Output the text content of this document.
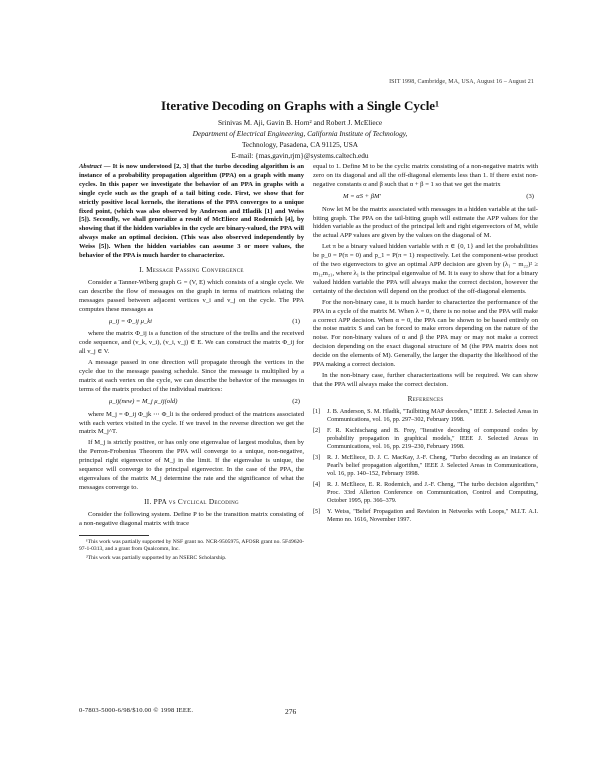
ISIT 1998, Cambridge, MA, USA, August 16 – August 21
Iterative Decoding on Graphs with a Single Cycle¹
Srinivas M. Aji, Gavin B. Horn² and Robert J. McEliece
Department of Electrical Engineering, California Institute of Technology,
Technology, Pasadena, CA 91125, USA
E-mail: {mas,gavin,rjm}@systems.caltech.edu

Abstract — It is now understood [2, 3] that the turbo decoding algorithm is an instance of a probability propagation algorithm (PPA) on a graph with many cycles. In this paper we investigate the behavior of an PPA in graphs with a single cycle such as the graph of a tail biting code. First, we show that for strictly positive local kernels, the iterations of the PPA converges to a unique fixed point, (which was also observed by Anderson and Hladik [1] and Weiss [5]). Secondly, we shall generalize a result of McEliece and Rodemich [4], by showing that if the hidden variables in the cycle are binary-valued, the PPA will always make an optimal decision. (This was also observed independently by Weiss [5]). When the hidden variables can assume 3 or more values, the behavior of the PPA is much harder to characterize.

I. Message Passing Convergence

Consider a Tanner-Wiberg graph G = (V, E) which consists of a single cycle. We can describe the flow of messages on the graph in terms of matrices relating the messages passed between adjacent vertices v_i and v_j on the cycle. The PPA computes these messages as

μ_ij = Φ_ij μ_ki	(1)

where the matrix Φ_ij is a function of the structure of the trellis and the received code sequence, and (v_k, v_i), (v_i, v_j) ∈ E. We can construct the matrix Φ_ij for all v_j ∈ V.

A message passed in one direction will propagate through the vertices in the cycle due to the message passing schedule. Since the message is multiplied by a matrix at each vertex on the cycle, we can describe the behavior of the messages in terms of the matrix product of the individual matrices:

μ_ij(new) = M_j μ_ij(old)	(2)

where M_j = Φ_ij Φ_jk ⋯ Φ_li is the ordered product of the matrices associated with each vertex visited in the cycle. If we travel in the reverse direction we get the matrix M_j^T.

If M_j is strictly positive, or has only one eigenvalue of largest modulus, then by the Perron-Frobenius Theorem the PPA will converge to a unique, non-negative, principal right eigenvector of M_j in the limit. If the eigenvalue is unique, the sequence will converge to the principal eigenvector. In the case of the PPA, the eigenvalues of the matrix M_j determine the rate and the significance of what the messages converge to.

II. PPA vs Cyclical Decoding

Consider the following system. Define P to be the transition matrix consisting of a non-negative diagonal matrix with trace

¹This work was partially supported by NSF grant no. NCR-9505975, AFOSR grant no. 5F49620-97-1-0313, and a grant from Qualcomm, Inc.

²This work was partially supported by an NSERC Scholarship.

equal to 1. Define M to be the cyclic matrix consisting of a non-negative matrix with zero on its diagonal and all the off-diagonal elements less than 1. If there exist non-negative constants α and β such that α + β = 1 so that we get the matrix

M = αS + βM′	(3)

Now let M be the matrix associated with messages in a hidden variable at the tail-biting graph. The PPA on the tail-biting graph will estimate the APP values for the hidden variable as the product of the principal left and right eigenvectors of M, while the actual APP values are given by the values on the diagonal of M.

Let π be a binary valued hidden variable with π ∈ {0, 1} and let the probabilities be p_0 = P(π = 0) and p_1 = P(π = 1) respectively. Let the component-wise product of the two eigenvectors to give an optimal APP decision are given by (λ₁ − m₂₂)² ≥ m₁₂m₂₁, where λ₁ is the principal eigenvalue of M. It is easy to show that for a binary valued hidden variable the PPA will always make the correct decision, however the certainty of the decision will depend on the product of the off-diagonal elements.

For the non-binary case, it is much harder to characterize the performance of the PPA in a cycle of the matrix M. When λ = 0, there is no noise and the PPA will make a correct APP decision. When α = 0, the PPA can be shown to be based entirely on the noise matrix S and can be forced to make errors depending on the nature of the noise. For non-binary values of α and β the PPA may or may not make a correct decision depending on the exact diagonal structure of M (the PPA matrix does not decide on the elements of M). Generally, the larger the disparity the likelihood of the PPA making a correct decision.

In the non-binary case, further characterizations will be required. We can show that the PPA will always make the correct decision.

References
[1]	J. B. Anderson, S. M. Hladik, "Tailbiting MAP decoders," IEEE J. Selected Areas in Communications, vol. 16, pp. 297–302, February 1998.
[2]	F. R. Kschischang and B. Frey, "Iterative decoding of compound codes by probability propagation in graphical models," IEEE J. Selected Areas in Communications, vol. 16, pp. 219–230, February 1998.
[3]	R. J. McEliece, D. J. C. MacKay, J.-F. Cheng, "Turbo decoding as an instance of Pearl's belief propagation algorithm," IEEE J. Selected Areas in Communications, vol. 16, pp. 140–152, February 1998.
[4]	R. J. McEliece, E. R. Rodemich, and J.-F. Cheng, "The turbo decision algorithm," Proc. 33rd Allerton Conference on Communication, Control and Computing, October 1995, pp. 366–379.
[5]	Y. Weiss, "Belief Propagation and Revision in Networks with Loops," M.I.T. A.I. Memo no. 1616, November 1997.
0-7803-5000-6/98/$10.00 © 1998 IEEE.	276
